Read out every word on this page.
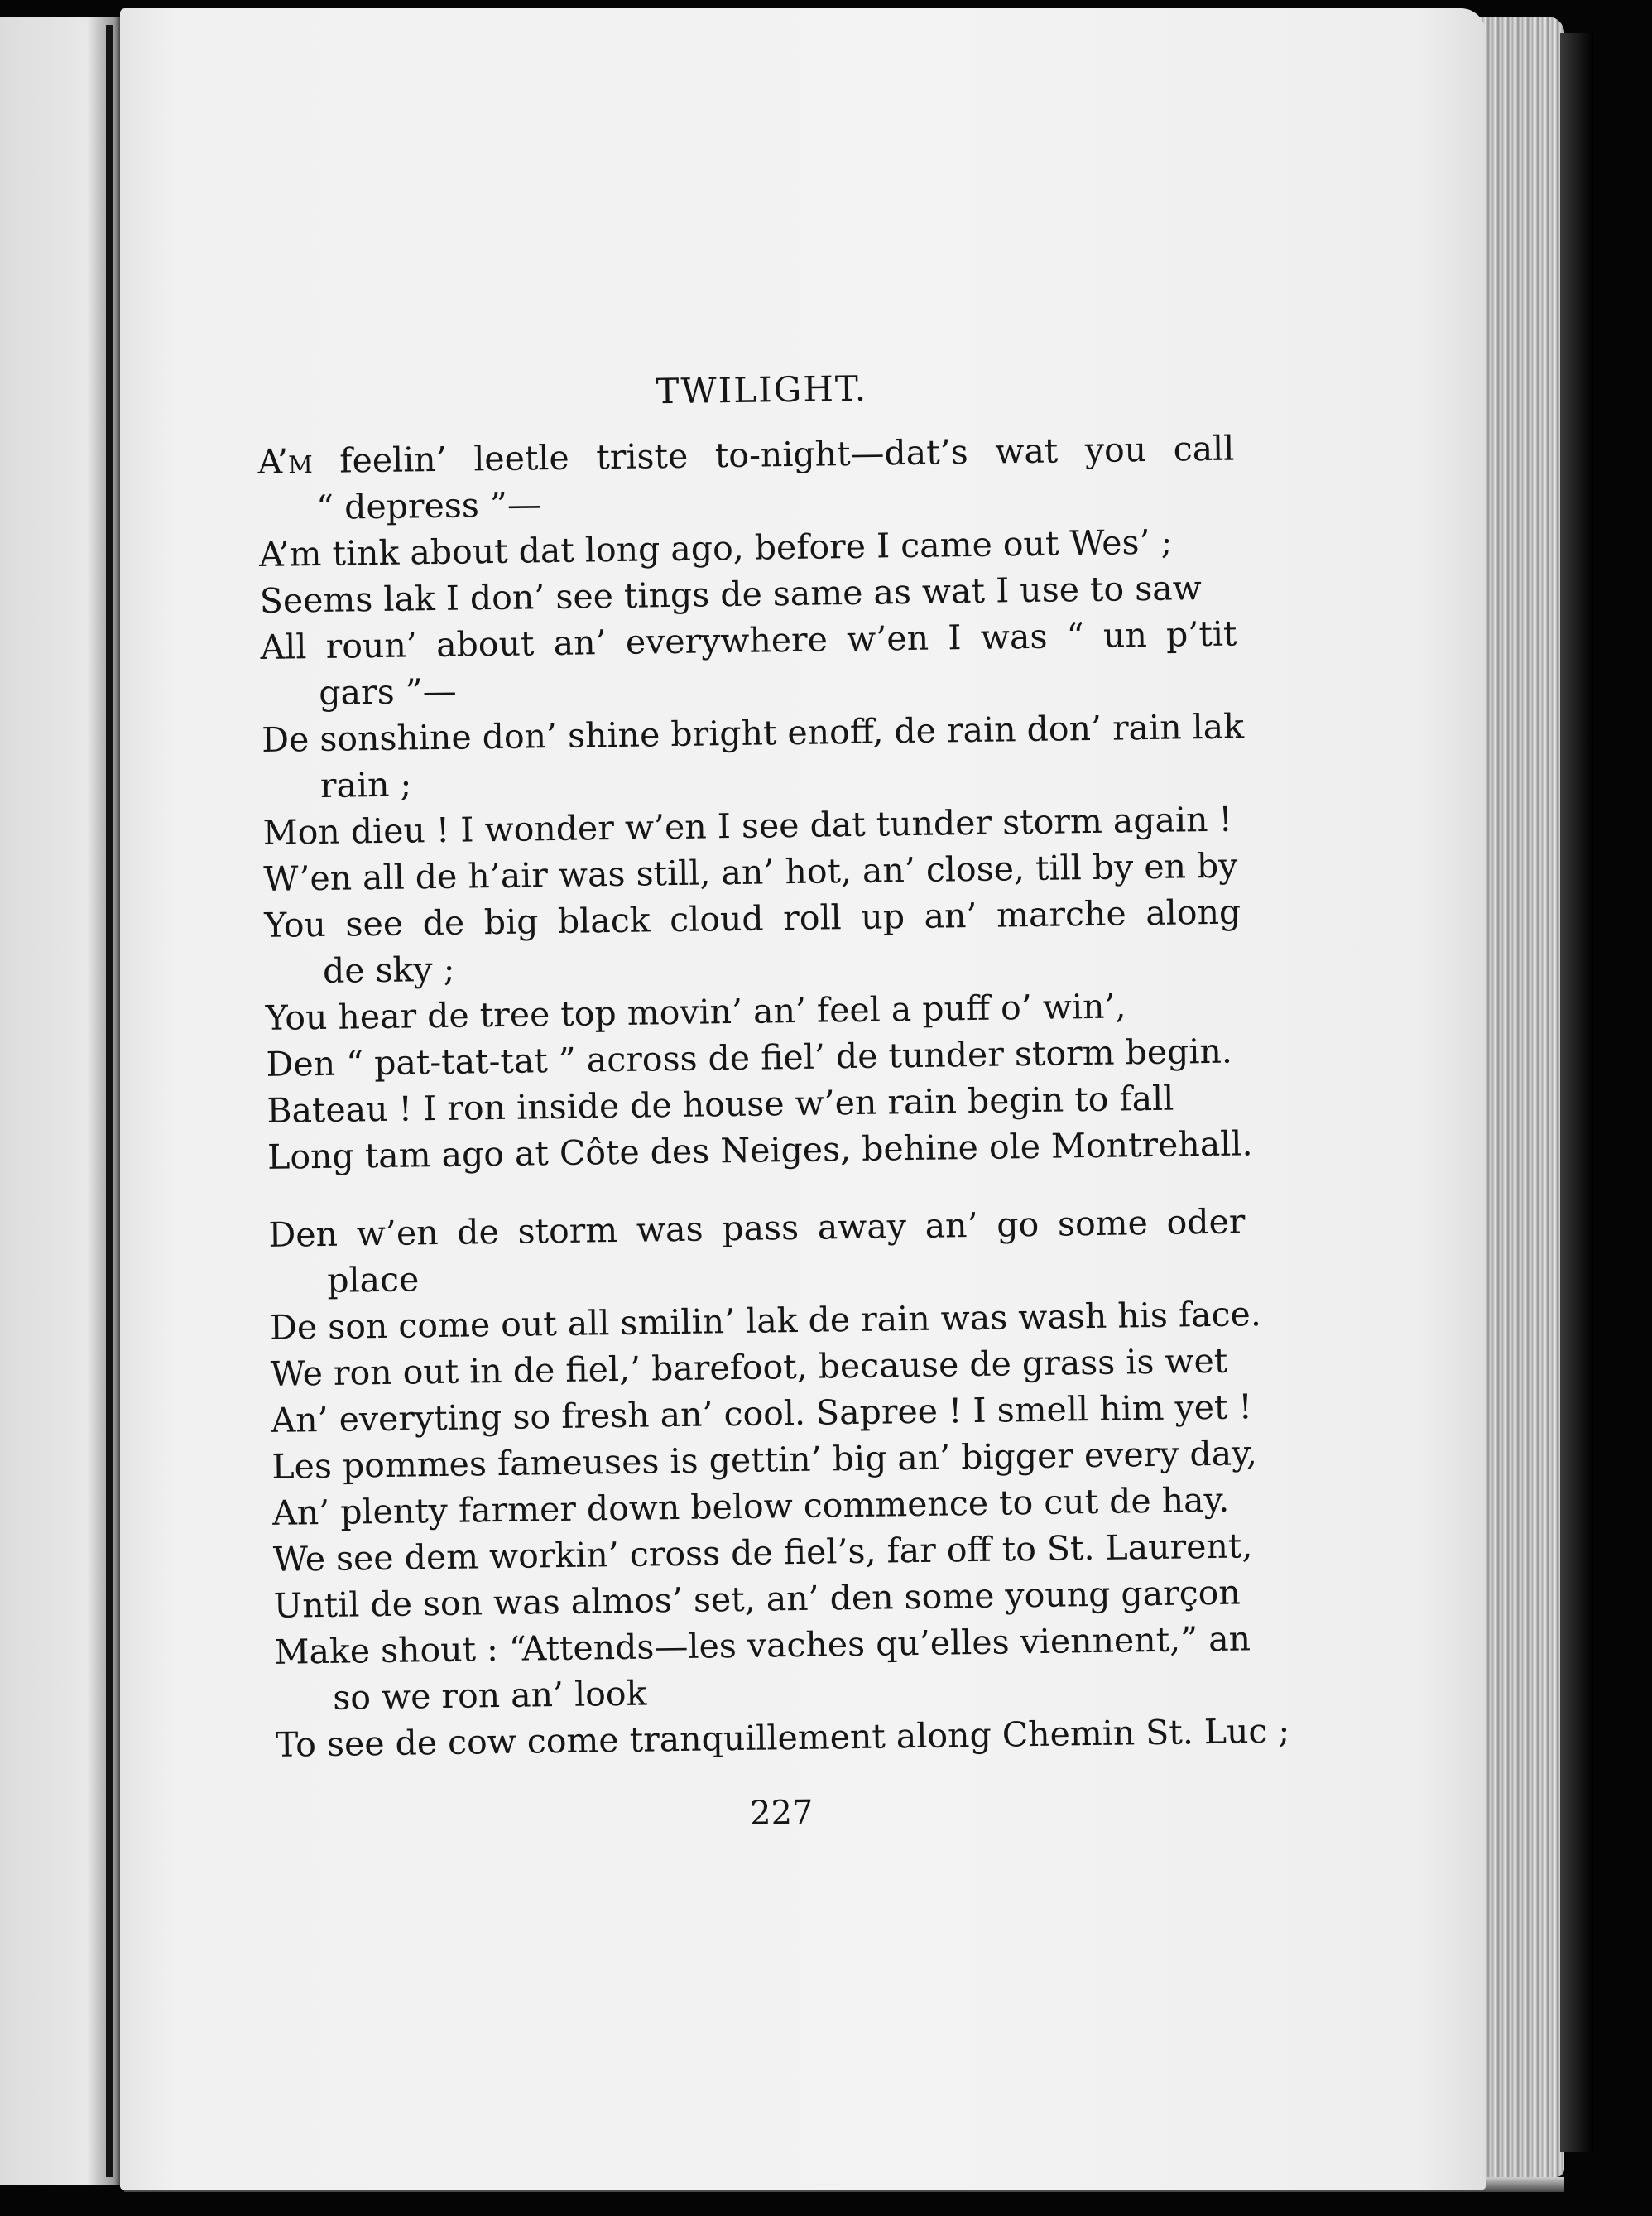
TWILIGHT.
A’m feelin’ leetle triste to-night—dat’s wat you call
“ depress ”—
A’m tink about dat long ago, before I came out Wes’ ;
Seems lak I don’ see tings de same as wat I use to saw
All roun’ about an’ everywhere w’en I was “ un p’tit
gars ”—
De sonshine don’ shine bright enoff, de rain don’ rain lak
rain ;
Mon dieu ! I wonder w’en I see dat tunder storm again !
W’en all de h’air was still, an’ hot, an’ close, till by en by
You see de big black cloud roll up an’ marche along
de sky ;
You hear de tree top movin’ an’ feel a puff o’ win’,
Den “ pat-tat-tat ” across de fiel’ de tunder storm begin.
Bateau ! I ron inside de house w’en rain begin to fall
Long tam ago at Côte des Neiges, behine ole Montrehall.
Den w’en de storm was pass away an’ go some oder
place
De son come out all smilin’ lak de rain was wash his face.
We ron out in de fiel,’ barefoot, because de grass is wet
An’ everyting so fresh an’ cool. Sapree ! I smell him yet !
Les pommes fameuses is gettin’ big an’ bigger every day,
An’ plenty farmer down below commence to cut de hay.
We see dem workin’ cross de fiel’s, far off to St. Laurent,
Until de son was almos’ set, an’ den some young garçon
Make shout : “Attends—les vaches qu’elles viennent,” an
so we ron an’ look
To see de cow come tranquillement along Chemin St. Luc ;
227
